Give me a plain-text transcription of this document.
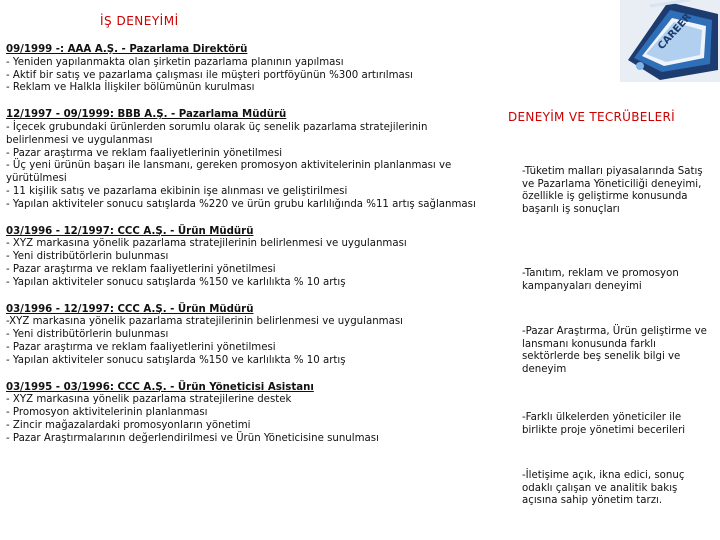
İŞ DENEYİMİ	CAREER
DENEYİM VE TECRÜBELERİ
09/1999 -: AAA A.Ş. - Pazarlama Direktörü
- Yeniden yapılanmakta olan şirketin pazarlama planının yapılması
- Aktif bir satış ve pazarlama çalışması ile müşteri portföyünün %300 artırılması
- Reklam ve Halkla İlişkiler bölümünün kurulması
12/1997 - 09/1999: BBB A.Ş. - Pazarlama Müdürü
- İçecek grubundaki ürünlerden sorumlu olarak üç senelik pazarlama stratejilerinin belirlenmesi ve uygulanması
- Pazar araştırma ve reklam faaliyetlerinin yönetilmesi
- Üç yeni ürünün başarı ile lansmanı, gereken promosyon aktivitelerinin planlanması ve yürütülmesi
- 11 kişilik satış ve pazarlama ekibinin işe alınması ve geliştirilmesi
- Yapılan aktiviteler sonucu satışlarda %220 ve ürün grubu karlılığında %11 artış sağlanması
03/1996 - 12/1997: CCC A.Ş. - Ürün Müdürü
- XYZ markasına yönelik pazarlama stratejilerinin belirlenmesi ve uygulanması
- Yeni distribütörlerin bulunması
- Pazar araştırma ve reklam faaliyetlerini yönetilmesi
- Yapılan aktiviteler sonucu satışlarda %150 ve karlılıkta % 10 artış
03/1996 - 12/1997: CCC A.Ş. - Ürün Müdürü
-XYZ markasına yönelik pazarlama stratejilerinin belirlenmesi ve uygulanması
- Yeni distribütörlerin bulunması
- Pazar araştırma ve reklam faaliyetlerini yönetilmesi
- Yapılan aktiviteler sonucu satışlarda %150 ve karlılıkta % 10 artış
03/1995 - 03/1996: CCC A.Ş. - Ürün Yöneticisi Asistanı
- XYZ markasına yönelik pazarlama stratejilerine destek
- Promosyon aktivitelerinin planlanması
- Zincir mağazalardaki promosyonların yönetimi
- Pazar Araştırmalarının değerlendirilmesi ve Ürün Yöneticisine sunulması
-Tüketim malları piyasalarında Satış ve Pazarlama Yöneticiliği deneyimi, özellikle iş geliştirme konusunda başarılı iş sonuçları
-Tanıtım, reklam ve promosyon kampanyaları deneyimi
-Pazar Araştırma, Ürün geliştirme ve lansmanı konusunda farklı sektörlerde beş senelik bilgi ve deneyim
-Farklı ülkelerden yöneticiler ile birlikte proje yönetimi becerileri
-İletişime açık, ikna edici, sonuç odaklı çalışan ve analitik bakış açısına sahip yönetim tarzı.
